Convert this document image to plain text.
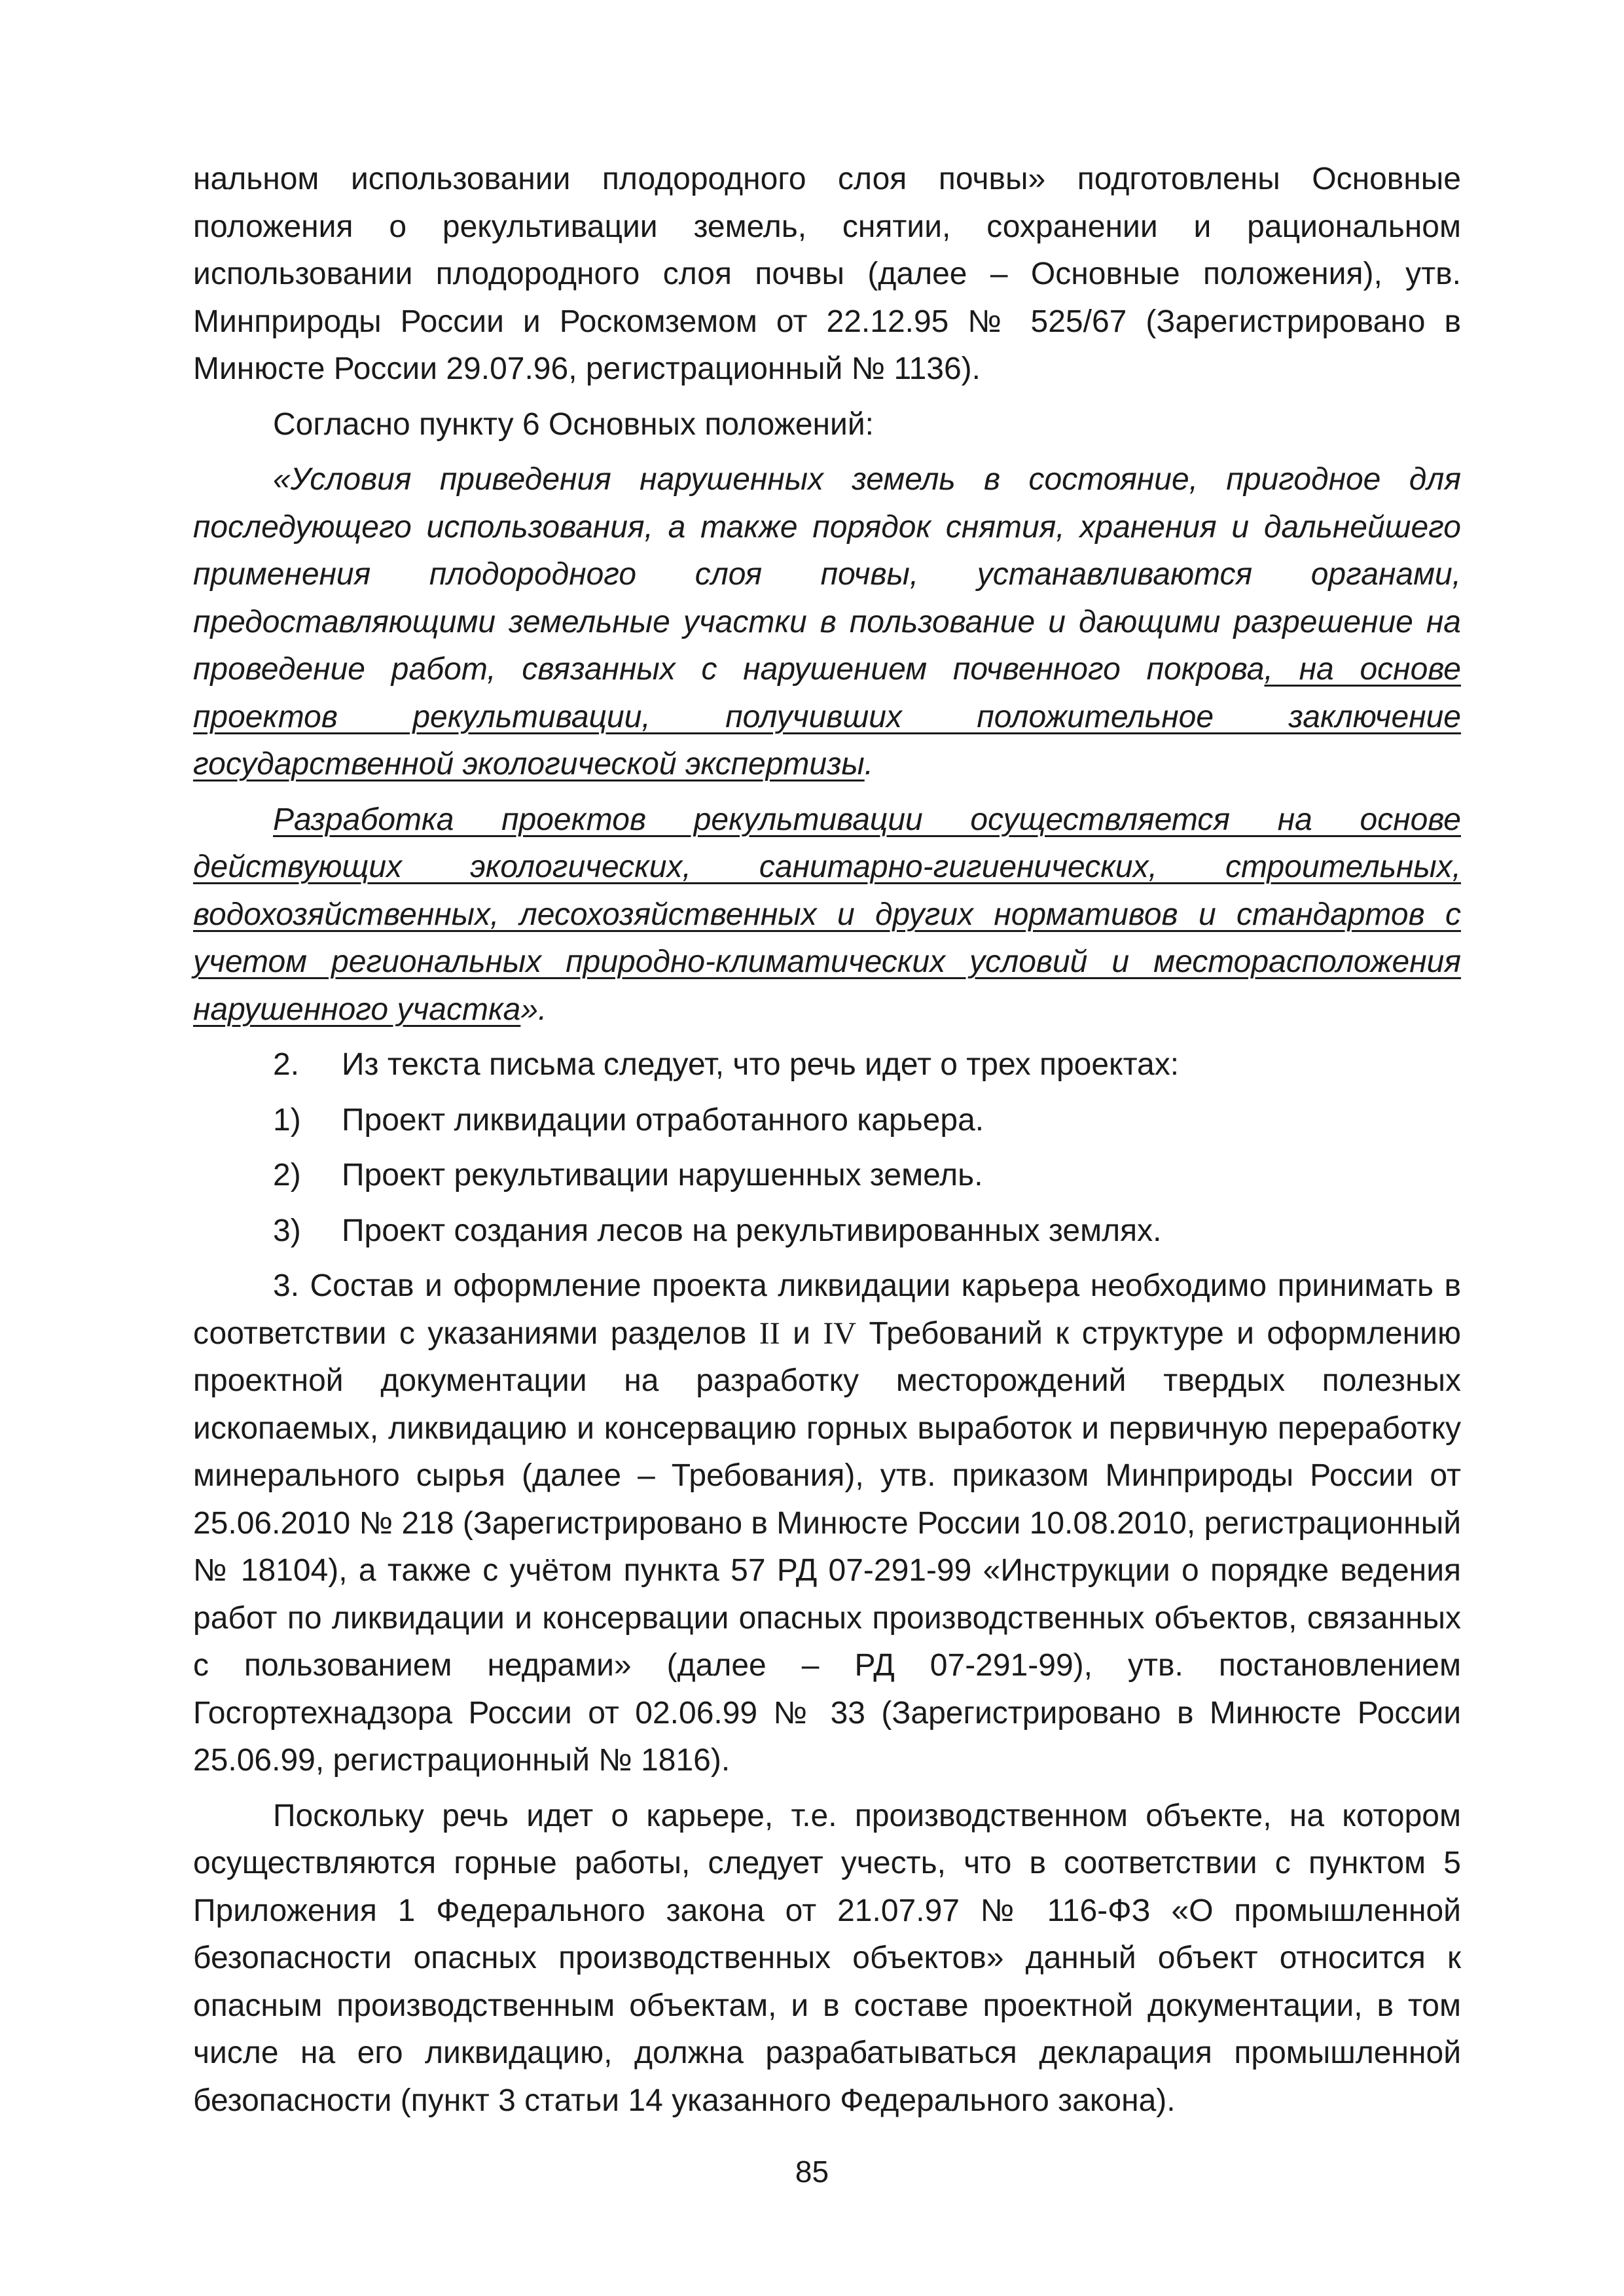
нальном использовании плодородного слоя почвы» подготовлены Основные положения о рекультивации земель, снятии, сохранении и рациональном использовании плодородного слоя почвы (далее – Основные положения), утв. Минприроды России и Роскомземом от 22.12.95 № 525/67 (Зарегистрировано в Минюсте России 29.07.96, регистрационный № 1136).

Согласно пункту 6 Основных положений:

«Условия приведения нарушенных земель в состояние, пригодное для последующего использования, а также порядок снятия, хранения и дальнейшего применения плодородного слоя почвы, устанавливаются органами, предоставляющими земельные участки в пользование и дающими разрешение на проведение работ, связанных с нарушением почвенного покрова, на основе проектов рекультивации, получивших положительное заключение государственной экологической экспертизы.

Разработка проектов рекультивации осуществляется на основе действующих экологических, санитарно-гигиенических, строительных, водохозяйственных, лесохозяйственных и других нормативов и стандартов с учетом региональных природно-климатических условий и месторасположения нарушенного участка».

2.	Из текста письма следует, что речь идет о трех проектах:
1)	Проект ликвидации отработанного карьера.
2)	Проект рекультивации нарушенных земель.
3)	Проект создания лесов на рекультивированных землях.

3. Состав и оформление проекта ликвидации карьера необходимо принимать в соответствии с указаниями разделов II и IV Требований к структуре и оформлению проектной документации на разработку месторождений твердых полезных ископаемых, ликвидацию и консервацию горных выработок и первичную переработку минерального сырья (далее – Требования), утв. приказом Минприроды России от 25.06.2010 № 218 (Зарегистрировано в Минюсте России 10.08.2010, регистрационный № 18104), а также с учётом пункта 57 РД 07-291-99 «Инструкции о порядке ведения работ по ликвидации и консервации опасных производственных объектов, связанных с пользованием недрами» (далее – РД 07-291-99), утв. постановлением Госгортехнадзора России от 02.06.99 № 33 (Зарегистрировано в Минюсте России 25.06.99, регистрационный № 1816).

Поскольку речь идет о карьере, т.е. производственном объекте, на котором осуществляются горные работы, следует учесть, что в соответствии с пунктом 5 Приложения 1 Федерального закона от 21.07.97 № 116-ФЗ «О промышленной безопасности опасных производственных объектов» данный объект относится к опасным производственным объектам, и в составе проектной документации, в том числе на его ликвидацию, должна разрабатываться декларация промышленной безопасности (пункт 3 статьи 14 указанного Федерального закона).

85
